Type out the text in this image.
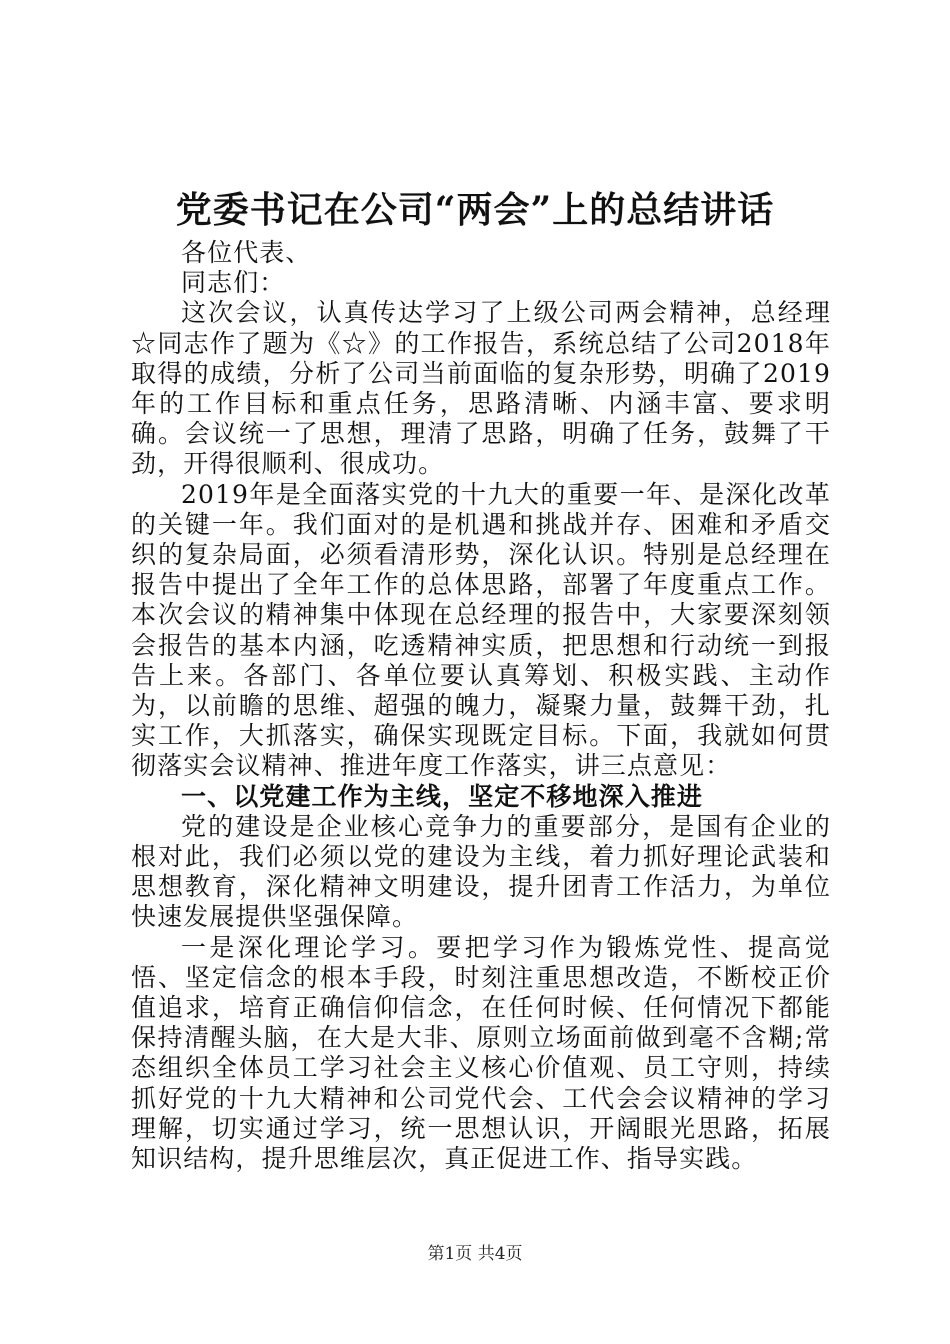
党委书记在公司“两会”上的总结讲话

各位代表、

同志们：

这次会议，认真传达学习了上级公司两会精神，总经理☆同志作了题为《☆》的工作报告，系统总结了公司2018年取得的成绩，分析了公司当前面临的复杂形势，明确了2019年的工作目标和重点任务，思路清晰、内涵丰富、要求明确。会议统一了思想，理清了思路，明确了任务，鼓舞了干劲，开得很顺利、很成功。

2019年是全面落实党的十九大的重要一年、是深化改革的关键一年。我们面对的是机遇和挑战并存、困难和矛盾交织的复杂局面，必须看清形势，深化认识。特别是总经理在报告中提出了全年工作的总体思路，部署了年度重点工作。本次会议的精神集中体现在总经理的报告中，大家要深刻领会报告的基本内涵，吃透精神实质，把思想和行动统一到报告上来。各部门、各单位要认真筹划、积极实践、主动作为，以前瞻的思维、超强的魄力，凝聚力量，鼓舞干劲，扎实工作，大抓落实，确保实现既定目标。下面，我就如何贯彻落实会议精神、推进年度工作落实，讲三点意见：

一、以党建工作为主线，坚定不移地深入推进

党的建设是企业核心竞争力的重要部分，是国有企业的根对此，我们必须以党的建设为主线，着力抓好理论武装和思想教育，深化精神文明建设，提升团青工作活力，为单位快速发展提供坚强保障。

一是深化理论学习。要把学习作为锻炼党性、提高觉悟、坚定信念的根本手段，时刻注重思想改造，不断校正价值追求，培育正确信仰信念，在任何时候、任何情况下都能保持清醒头脑，在大是大非、原则立场面前做到毫不含糊;常态组织全体员工学习社会主义核心价值观、员工守则，持续抓好党的十九大精神和公司党代会、工代会会议精神的学习理解，切实通过学习，统一思想认识，开阔眼光思路，拓展知识结构，提升思维层次，真正促进工作、指导实践。

第1页 共4页
